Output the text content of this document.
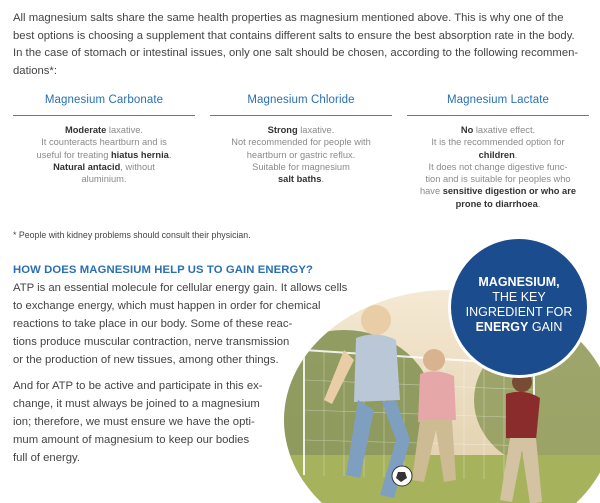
All magnesium salts share the same health properties as magnesium mentioned above. This is why one of the
best options is choosing a supplement that contains different salts to ensure the best absorption rate in the body.
In the case of stomach or intestinal issues, only one salt should be chosen, according to the following recommen-
dations*:
Magnesium Carbonate
Moderate laxative.
It counteracts heartburn and is
useful for treating hiatus hernia.
Natural antacid, without
aluminium.
Magnesium Chloride
Strong laxative.
Not recommended for people with
heartburn or gastric reflux.
Suitable for magnesium
salt baths.
Magnesium Lactate
No laxative effect.
It is the recommended option for
children.
It does not change digestive func-
tion and is suitable for peoples who
have sensitive digestion or who are
prone to diarrhoea.
* People with kidney problems should consult their physician.
HOW DOES MAGNESIUM HELP US TO GAIN ENERGY?
ATP is an essential molecule for cellular energy gain. It allows cells
to exchange energy, which must happen in order for chemical
reactions to take place in our body. Some of these reac-
tions produce muscular contraction, nerve transmission
or the production of new tissues, among other things.
And for ATP to be active and participate in this ex-
change, it must always be joined to a magnesium
ion; therefore, we must ensure we have the opti-
mum amount of magnesium to keep our bodies
full of energy.
MAGNESIUM,
THE KEY
INGREDIENT FOR
ENERGY GAIN
